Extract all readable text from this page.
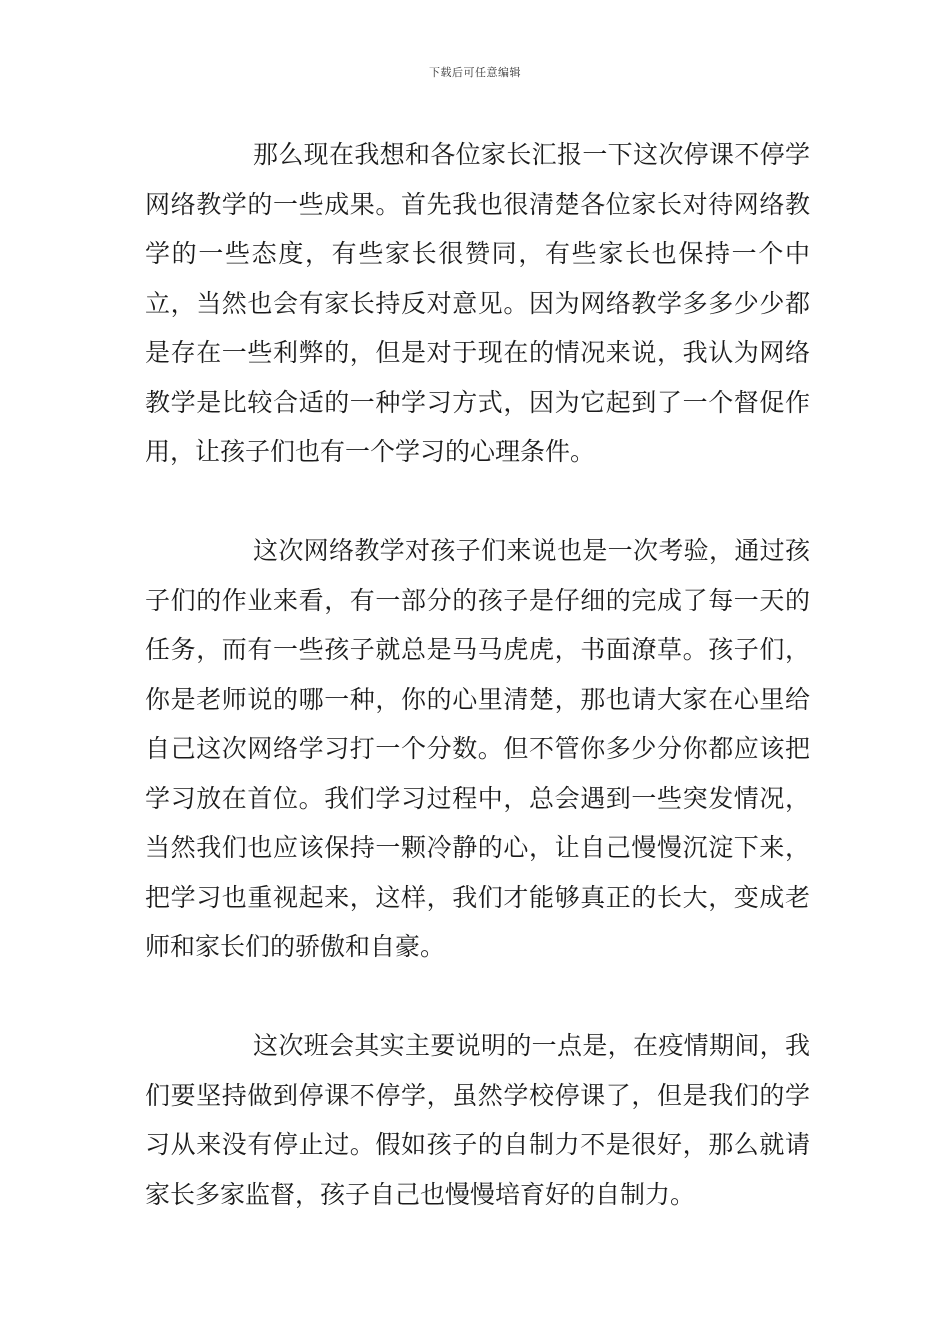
下载后可任意编辑

那么现在我想和各位家长汇报一下这次停课不停学网络教学的一些成果。首先我也很清楚各位家长对待网络教学的一些态度，有些家长很赞同，有些家长也保持一个中立，当然也会有家长持反对意见。因为网络教学多多少少都是存在一些利弊的，但是对于现在的情况来说，我认为网络教学是比较合适的一种学习方式，因为它起到了一个督促作用，让孩子们也有一个学习的心理条件。

这次网络教学对孩子们来说也是一次考验，通过孩子们的作业来看，有一部分的孩子是仔细的完成了每一天的任务，而有一些孩子就总是马马虎虎，书面潦草。孩子们，你是老师说的哪一种，你的心里清楚，那也请大家在心里给自己这次网络学习打一个分数。但不管你多少分你都应该把学习放在首位。我们学习过程中，总会遇到一些突发情况，当然我们也应该保持一颗冷静的心，让自己慢慢沉淀下来，把学习也重视起来，这样，我们才能够真正的长大，变成老师和家长们的骄傲和自豪。

这次班会其实主要说明的一点是，在疫情期间，我们要坚持做到停课不停学，虽然学校停课了，但是我们的学习从来没有停止过。假如孩子的自制力不是很好，那么就请家长多家监督，孩子自己也慢慢培育好的自制力。
